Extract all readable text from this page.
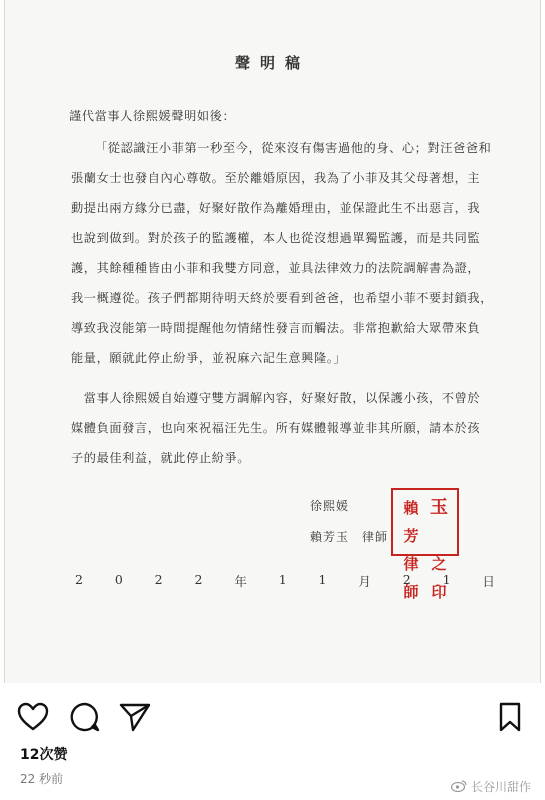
聲明稿
謹代當事人徐熙媛聲明如後：
「從認識汪小菲第一秒至今，從來沒有傷害過他的身、心；對汪爸爸和
張蘭女士也發自內心尊敬。至於離婚原因，我為了小菲及其父母著想，主
動提出兩方緣分已盡，好聚好散作為離婚理由，並保證此生不出惡言，我
也說到做到。對於孩子的監護權，本人也從沒想過單獨監護，而是共同監
護，其餘種種皆由小菲和我雙方同意，並具法律效力的法院調解書為證，
我一概遵從。孩子們都期待明天終於要看到爸爸，也希望小菲不要封鎖我，
導致我沒能第一時間提醒他勿情緒性發言而觸法。非常抱歉給大眾帶來負
能量，願就此停止紛爭，並祝麻六記生意興隆。」
　當事人徐熙媛自始遵守雙方調解內容，好聚好散，以保護小孩，不曾於
媒體負面發言，也向來祝福汪先生。所有媒體報導並非其所願，請本於孩
子的最佳利益，就此停止紛爭。
徐熙媛
賴芳玉　律師
賴芳
玉
律師
之印
2	0	2	2	年	1	1	月	2	1	日
12次赞
22 秒前
长谷川甜作
